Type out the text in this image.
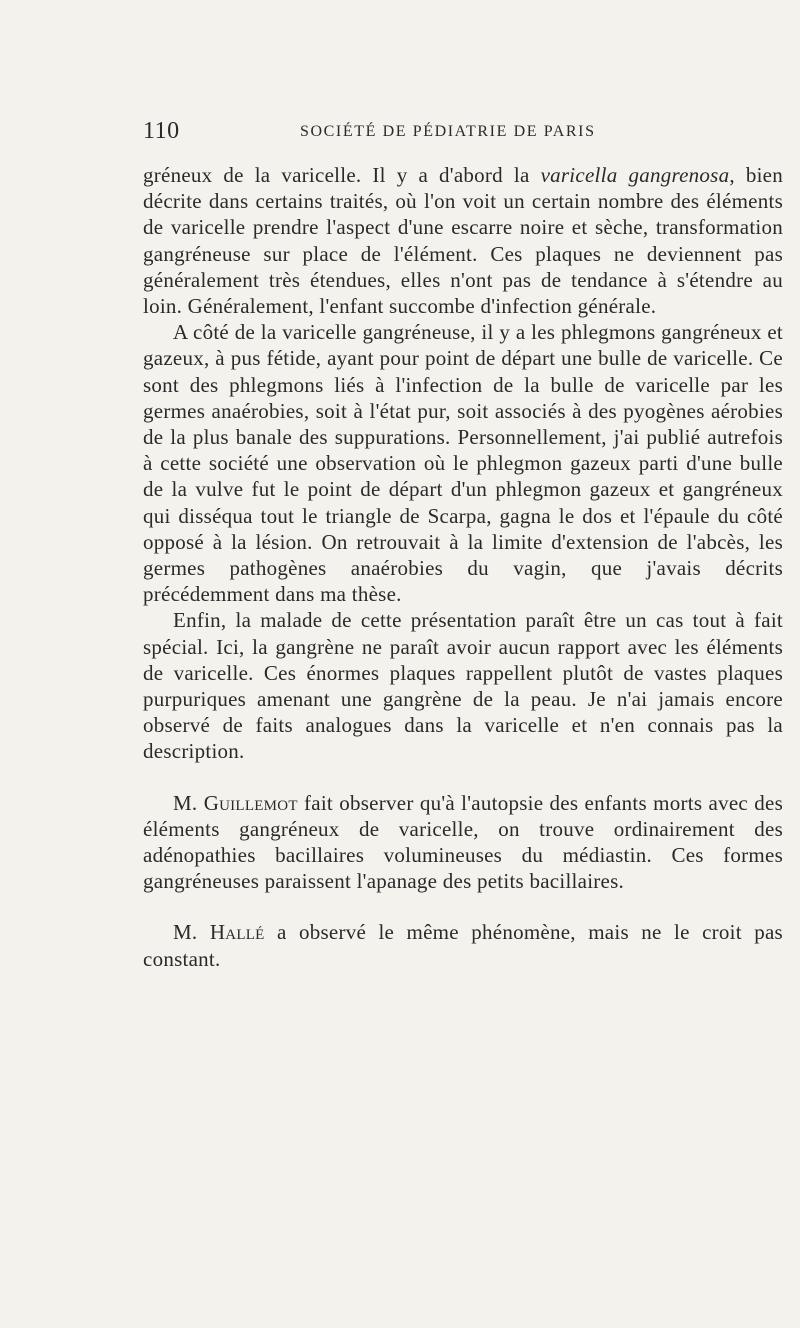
110	SOCIÉTÉ DE PÉDIATRIE DE PARIS

gréneux de la varicelle. Il y a d'abord la varicella gangrenosa, bien décrite dans certains traités, où l'on voit un certain nombre des éléments de varicelle prendre l'aspect d'une escarre noire et sèche, transformation gangréneuse sur place de l'élément. Ces plaques ne deviennent pas généralement très étendues, elles n'ont pas de tendance à s'étendre au loin. Généralement, l'enfant succombe d'infection générale.

A côté de la varicelle gangréneuse, il y a les phlegmons gangréneux et gazeux, à pus fétide, ayant pour point de départ une bulle de varicelle. Ce sont des phlegmons liés à l'infection de la bulle de varicelle par les germes anaérobies, soit à l'état pur, soit associés à des pyogènes aérobies de la plus banale des suppurations. Personnellement, j'ai publié autrefois à cette société une observation où le phlegmon gazeux parti d'une bulle de la vulve fut le point de départ d'un phlegmon gazeux et gangréneux qui disséqua tout le triangle de Scarpa, gagna le dos et l'épaule du côté opposé à la lésion. On retrouvait à la limite d'extension de l'abcès, les germes pathogènes anaérobies du vagin, que j'avais décrits précédemment dans ma thèse.

Enfin, la malade de cette présentation paraît être un cas tout à fait spécial. Ici, la gangrène ne paraît avoir aucun rapport avec les éléments de varicelle. Ces énormes plaques rappellent plutôt de vastes plaques purpuriques amenant une gangrène de la peau. Je n'ai jamais encore observé de faits analogues dans la varicelle et n'en connais pas la description.

M. Guillemot fait observer qu'à l'autopsie des enfants morts avec des éléments gangréneux de varicelle, on trouve ordinairement des adénopathies bacillaires volumineuses du médiastin. Ces formes gangréneuses paraissent l'apanage des petits bacillaires.

M. Hallé a observé le même phénomène, mais ne le croit pas constant.
